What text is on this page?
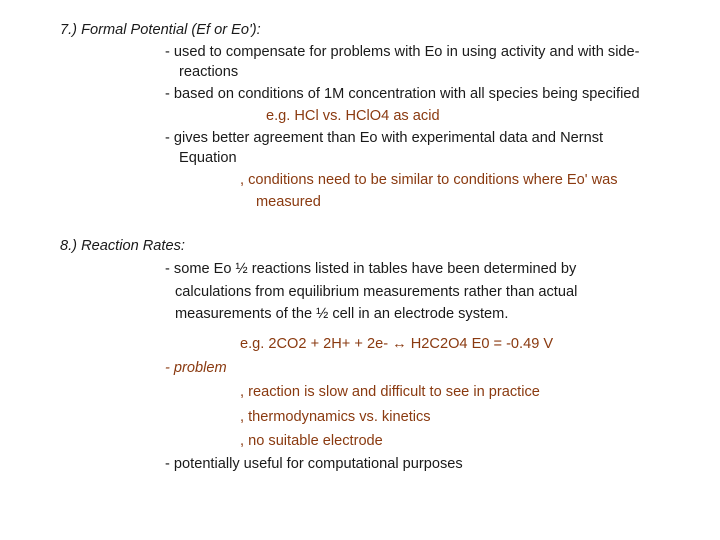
7.) Formal Potential (Ef or Eo'):
- used to compensate for problems with Eo in using activity and with side-
reactions
- based on conditions of 1M concentration with all species being specified
e.g. HCl vs. HClO4 as acid
- gives better agreement than Eo with experimental data and Nernst
Equation
, conditions need to be similar to conditions where Eo' was
measured
8.) Reaction Rates:
- some Eo ½ reactions listed in tables have been determined by
calculations from equilibrium measurements rather than actual
measurements of the ½ cell in an electrode system.
e.g. 2CO2 + 2H+ + 2e- ↔ H2C2O4 E0 = -0.49 V
- problem
, reaction is slow and difficult to see in practice
, thermodynamics vs. kinetics
, no suitable electrode
- potentially useful for computational purposes
